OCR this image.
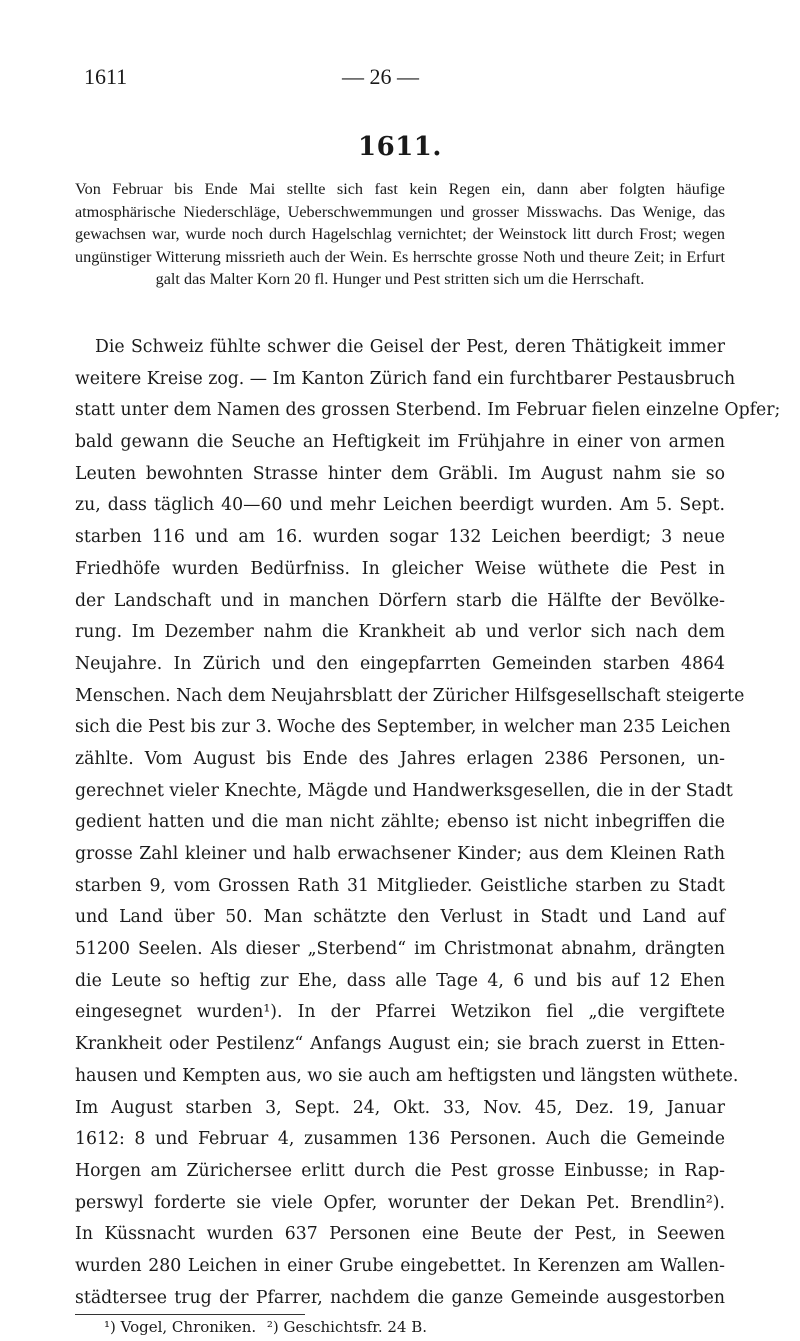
1611	— 26 —
1611.

Von Februar bis Ende Mai stellte sich fast kein Regen ein, dann aber folgten häufige atmosphärische Niederschläge, Ueberschwemmungen und grosser Misswachs. Das Wenige, das gewachsen war, wurde noch durch Hagelschlag vernichtet; der Weinstock litt durch Frost; wegen ungünstiger Witterung missrieth auch der Wein. Es herrschte grosse Noth und theure Zeit; in Erfurt galt das Malter Korn 20 fl. Hunger und Pest stritten sich um die Herrschaft.

Die Schweiz fühlte schwer die Geisel der Pest, deren Thätigkeit immer
weitere Kreise zog. — Im Kanton Zürich fand ein furchtbarer Pestausbruch
statt unter dem Namen des grossen Sterbend. Im Februar fielen einzelne Opfer;
bald gewann die Seuche an Heftigkeit im Frühjahre in einer von armen
Leuten bewohnten Strasse hinter dem Gräbli. Im August nahm sie so
zu, dass täglich 40—60 und mehr Leichen beerdigt wurden. Am 5. Sept.
starben 116 und am 16. wurden sogar 132 Leichen beerdigt; 3 neue
Friedhöfe wurden Bedürfniss. In gleicher Weise wüthete die Pest in
der Landschaft und in manchen Dörfern starb die Hälfte der Bevölke-
rung. Im Dezember nahm die Krankheit ab und verlor sich nach dem
Neujahre. In Zürich und den eingepfarrten Gemeinden starben 4864
Menschen. Nach dem Neujahrsblatt der Züricher Hilfsgesellschaft steigerte
sich die Pest bis zur 3. Woche des September, in welcher man 235 Leichen
zählte. Vom August bis Ende des Jahres erlagen 2386 Personen, un-
gerechnet vieler Knechte, Mägde und Handwerksgesellen, die in der Stadt
gedient hatten und die man nicht zählte; ebenso ist nicht inbegriffen die
grosse Zahl kleiner und halb erwachsener Kinder; aus dem Kleinen Rath
starben 9, vom Grossen Rath 31 Mitglieder. Geistliche starben zu Stadt
und Land über 50. Man schätzte den Verlust in Stadt und Land auf
51200 Seelen. Als dieser „Sterbend“ im Christmonat abnahm, drängten
die Leute so heftig zur Ehe, dass alle Tage 4, 6 und bis auf 12 Ehen
eingesegnet wurden¹). In der Pfarrei Wetzikon fiel „die vergiftete
Krankheit oder Pestilenz“ Anfangs August ein; sie brach zuerst in Etten-
hausen und Kempten aus, wo sie auch am heftigsten und längsten wüthete.
Im August starben 3, Sept. 24, Okt. 33, Nov. 45, Dez. 19, Januar
1612: 8 und Februar 4, zusammen 136 Personen. Auch die Gemeinde
Horgen am Zürichersee erlitt durch die Pest grosse Einbusse; in Rap-
perswyl forderte sie viele Opfer, worunter der Dekan Pet. Brendlin²).
In Küssnacht wurden 637 Personen eine Beute der Pest, in Seewen
wurden 280 Leichen in einer Grube eingebettet. In Kerenzen am Wallen-
städtersee trug der Pfarrer, nachdem die ganze Gemeinde ausgestorben
¹) Vogel, Chroniken. ²) Geschichtsfr. 24 B.
